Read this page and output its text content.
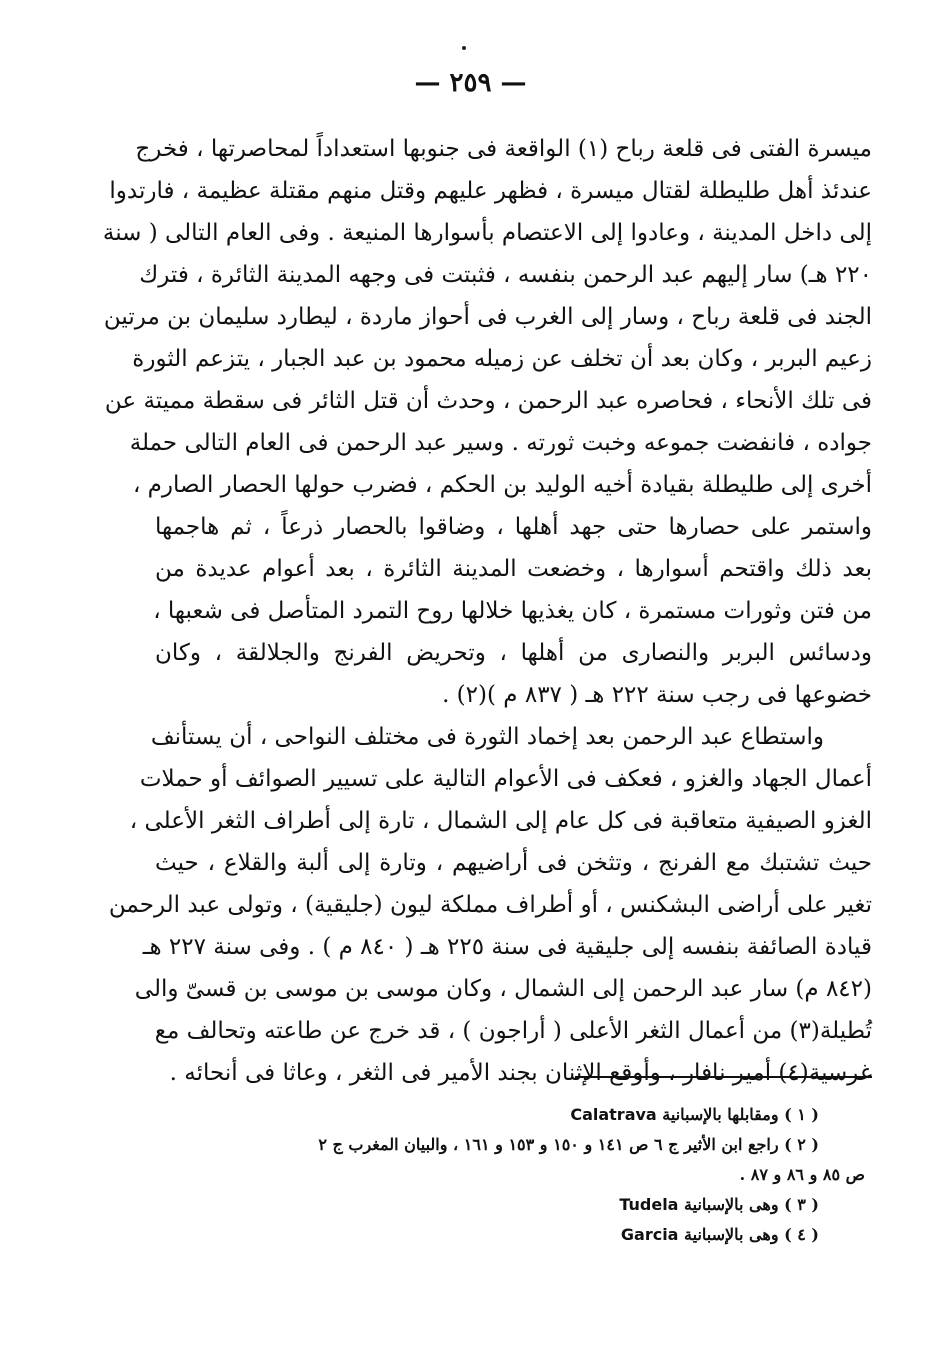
— ٢٥٩ —
ميسرة الفتى فى قلعة رباح (١) الواقعة فى جنوبها استعداداً لمحاصرتها ، فخرج
عندئذ أهل طليطلة لقتال ميسرة ، فظهر عليهم وقتل منهم مقتلة عظيمة ، فارتدوا
إلى داخل المدينة ، وعادوا إلى الاعتصام بأسوارها المنيعة . وفى العام التالى ( سنة
٢٢٠ هـ) سار إليهم عبد الرحمن بنفسه ، فثبتت فى وجهه المدينة الثائرة ، فترك
الجند فى قلعة رباح ، وسار إلى الغرب فى أحواز ماردة ، ليطارد سليمان بن مرتين
زعيم البربر ، وكان بعد أن تخلف عن زميله محمود بن عبد الجبار ، يتزعم الثورة
فى تلك الأنحاء ، فحاصره عبد الرحمن ، وحدث أن قتل الثائر فى سقطة مميتة عن
جواده ، فانفضت جموعه وخبت ثورته . وسير عبد الرحمن فى العام التالى حملة
أخرى إلى طليطلة بقيادة أخيه الوليد بن الحكم ، فضرب حولها الحصار الصارم ،
واستمر على حصارها حتى جهد أهلها ، وضاقوا بالحصار ذرعاً ، ثم هاجمها
بعد ذلك واقتحم أسوارها ، وخضعت المدينة الثائرة ، بعد أعوام عديدة من
من فتن وثورات مستمرة ، كان يغذيها خلالها روح التمرد المتأصل فى شعبها ،
ودسائس البربر والنصارى من أهلها ، وتحريض الفرنج والجلالقة ، وكان
خضوعها فى رجب سنة ٢٢٢ هـ ( ٨٣٧ م )(٢) .
واستطاع عبد الرحمن بعد إخماد الثورة فى مختلف النواحى ، أن يستأنف
أعمال الجهاد والغزو ، فعكف فى الأعوام التالية على تسيير الصوائف أو حملات
الغزو الصيفية متعاقبة فى كل عام إلى الشمال ، تارة إلى أطراف الثغر الأعلى ،
حيث تشتبك مع الفرنج ، وتثخن فى أراضيهم ، وتارة إلى ألبة والقلاع ، حيث
تغير على أراضى البشكنس ، أو أطراف مملكة ليون (جليقية) ، وتولى عبد الرحمن
قيادة الصائفة بنفسه إلى جليقية فى سنة ٢٢٥ هـ ( ٨٤٠ م ) . وفى سنة ٢٢٧ هـ
(٨٤٢ م) سار عبد الرحمن إلى الشمال ، وكان موسى بن موسى بن قسىّ والى
تُطيلة(٣) من أعمال الثغر الأعلى ( أراجون ) ، قد خرج عن طاعته وتحالف مع
غرسية(٤) أمير نافار ، وأوقع الإثنان بجند الأمير فى الثغر ، وعاثا فى أنحائه .
( ١ ) ومقابلها بالإسبانية Calatrava
( ٢ ) راجع ابن الأثير ج ٦ ص ١٤١ و ١٥٠ و ١٥٣ و ١٦١ ، والبيان المغرب ج ٢
ص ٨٥ و ٨٦ و ٨٧ .
( ٣ ) وهى بالإسبانية Tudela
( ٤ ) وهى بالإسبانية Garcia
